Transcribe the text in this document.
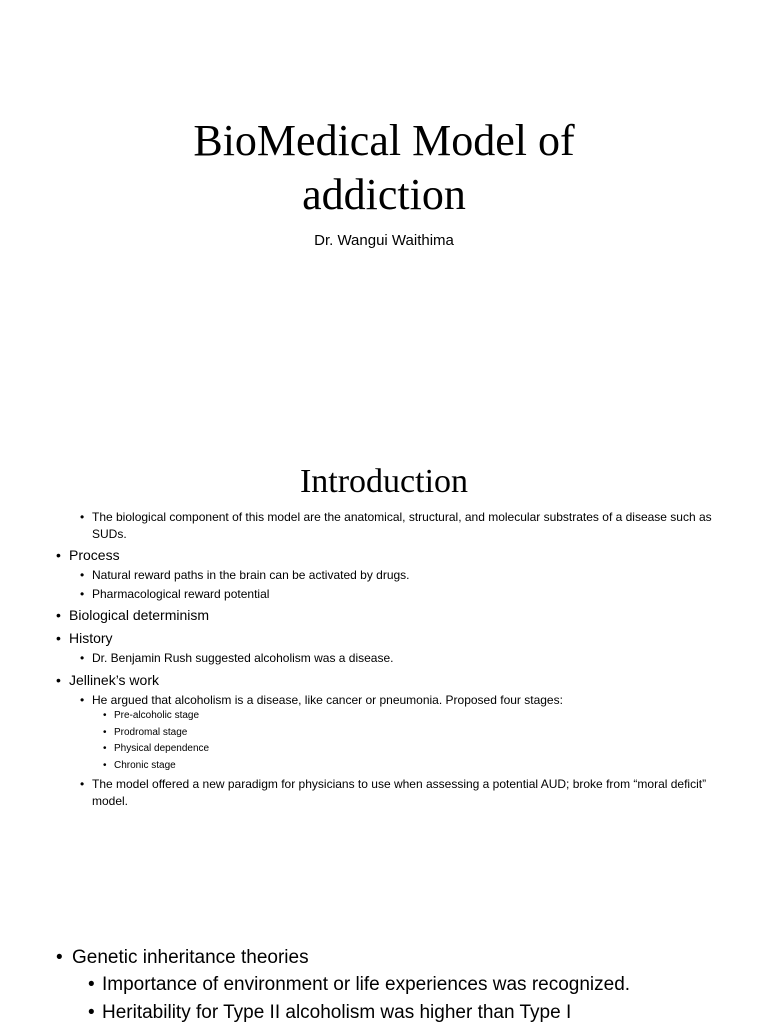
BioMedical Model of
addiction
Dr. Wangui Waithima
Introduction
• The biological component of this model are the anatomical, structural, and molecular substrates of a disease such as SUDs.
• Process
• Natural reward paths in the brain can be activated by drugs.
• Pharmacological reward potential
• Biological determinism
• History
• Dr. Benjamin Rush suggested alcoholism was a disease.
• Jellinek’s work
• He argued that alcoholism is a disease, like cancer or pneumonia. Proposed four stages:
• Pre-alcoholic stage
• Prodromal stage
• Physical dependence
• Chronic stage
• The model offered a new paradigm for physicians to use when assessing a potential AUD; broke from “moral deficit” model.
• Genetic inheritance theories
• Importance of environment or life experiences was recognized.
• Heritability for Type II alcoholism was higher than Type I
